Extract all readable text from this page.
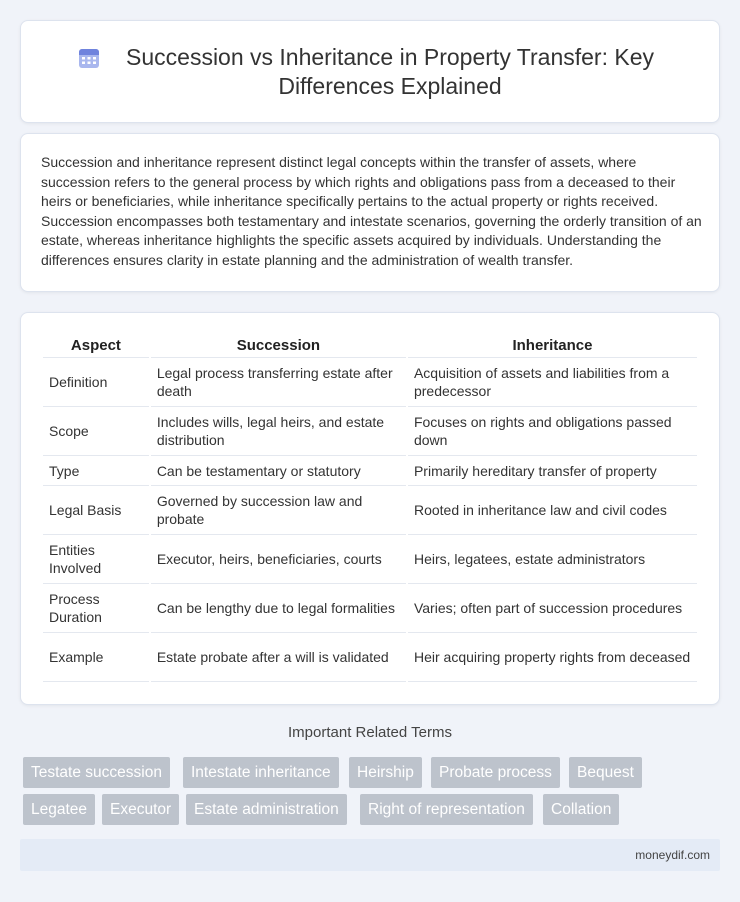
Succession vs Inheritance in Property Transfer: Key Differences Explained

Succession and inheritance represent distinct legal concepts within the transfer of assets, where succession refers to the general process by which rights and obligations pass from a deceased to their heirs or beneficiaries, while inheritance specifically pertains to the actual property or rights received. Succession encompasses both testamentary and intestate scenarios, governing the orderly transition of an estate, whereas inheritance highlights the specific assets acquired by individuals. Understanding the differences ensures clarity in estate planning and the administration of wealth transfer.

Aspect	Succession	Inheritance
Definition	Legal process transferring estate after death	Acquisition of assets and liabilities from a predecessor
Scope	Includes wills, legal heirs, and estate distribution	Focuses on rights and obligations passed down
Type	Can be testamentary or statutory	Primarily hereditary transfer of property
Legal Basis	Governed by succession law and probate	Rooted in inheritance law and civil codes
Entities Involved	Executor, heirs, beneficiaries, courts	Heirs, legatees, estate administrators
Process Duration	Can be lengthy due to legal formalities	Varies; often part of succession procedures
Example	Estate probate after a will is validated	Heir acquiring property rights from deceased
Important Related Terms
Testate succession	Intestate inheritance	Heirship	Probate process	Bequest
Legatee	Executor	Estate administration	Right of representation	Collation
moneydif.com
